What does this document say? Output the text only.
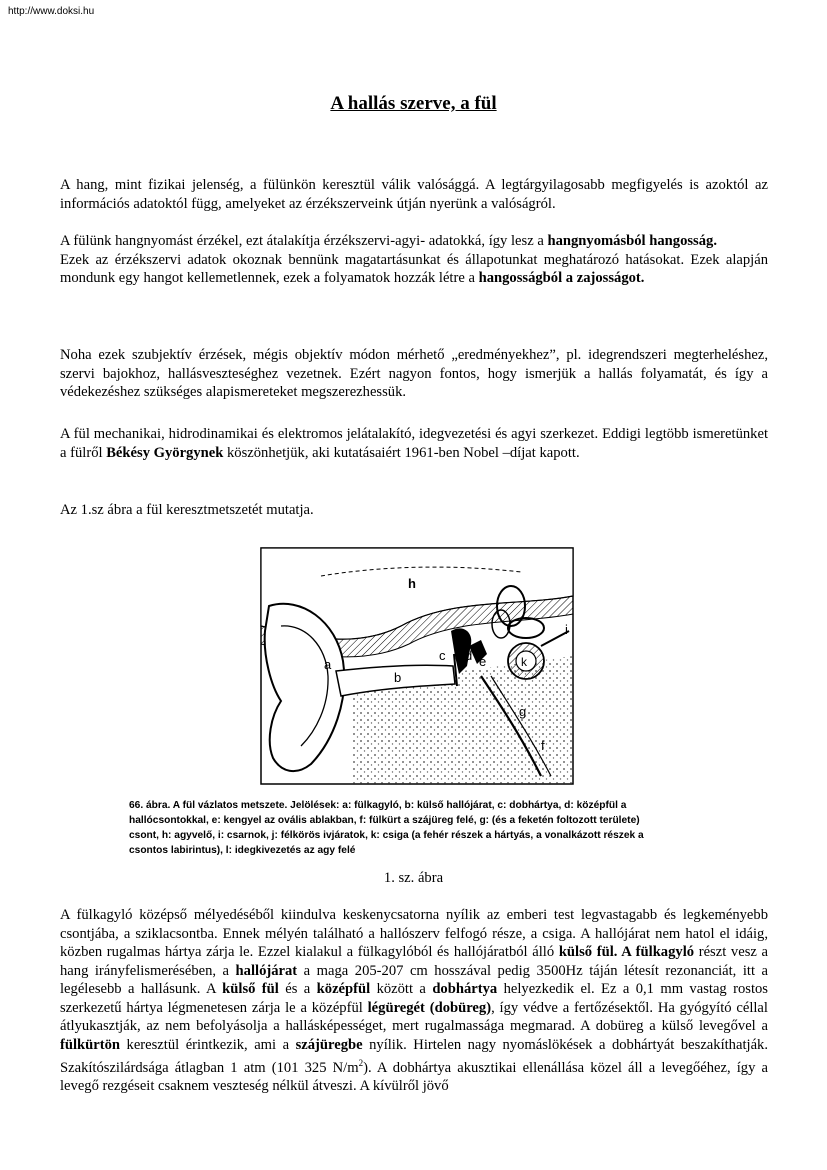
http://www.doksi.hu
A hallás szerve, a fül

A hang, mint fizikai jelenség, a fülünkön keresztül válik valósággá. A legtárgyilagosabb megfigyelés is azoktól az információs adatoktól függ, amelyeket az érzékszerveink útján nyerünk a valóságról.

A fülünk hangnyomást érzékel, ezt átalakítja érzékszervi-agyi- adatokká, így lesz a hangnyomásból hangosság.

Ezek az érzékszervi adatok okoznak bennünk magatartásunkat és állapotunkat meghatározó hatásokat. Ezek alapján mondunk egy hangot kellemetlennek, ezek a folyamatok hozzák létre a hangosságból a zajosságot.

Noha ezek szubjektív érzések, mégis objektív módon mérhető „eredményekhez”, pl. idegrendszeri megterheléshez, szervi bajokhoz, hallásveszteséghez vezetnek. Ezért nagyon fontos, hogy ismerjük a hallás folyamatát, és így a védekezéshez szükséges alapismereteket megszerezhessük.

A fül mechanikai, hidrodinamikai és elektromos jelátalakító, idegvezetési és agyi szerkezet. Eddigi legtöbb ismeretünket a fülről Békésy Györgynek köszönhetjük, aki kutatásaiért 1961-ben Nobel –díjat kapott.

Az 1.sz ábra a fül keresztmetszetét mutatja.

h
a
b
c d e
i
k
g
f
66. ábra. A fül vázlatos metszete. Jelölések: a: fülkagyló, b: külső hallójárat, c: dobhártya, d: középfül a
hallócsontokkal, e: kengyel az ovális ablakban, f: fülkürt a szájüreg felé, g: (és a feketén foltozott területe)
csont, h: agyvelő, i: csarnok, j: félkörös ivjáratok, k: csiga (a fehér részek a hártyás, a vonalkázott részek a
csontos labirintus), l: idegkivezetés az agy felé
1. sz. ábra

A fülkagyló középső mélyedéséből kiindulva keskenycsatorna nyílik az emberi test legvastagabb és legkeményebb csontjába, a sziklacsontba. Ennek mélyén található a hallószerv felfogó része, a csiga. A hallójárat nem hatol el idáig, közben rugalmas hártya zárja le. Ezzel kialakul a fülkagylóból és hallójáratból álló külső fül. A fülkagyló részt vesz a hang irányfelismerésében, a hallójárat a maga 205-207 cm hosszával pedig 3500Hz táján létesít rezonanciát, itt a legélesebb a hallásunk. A külső fül és a középfül között a dobhártya helyezkedik el. Ez a 0,1 mm vastag rostos szerkezetű hártya légmenetesen zárja le a középfül légüregét (dobüreg), így védve a fertőzésektől. Ha gyógyító céllal átlyukasztják, az nem befolyásolja a hallásképességet, mert rugalmassága megmarad. A dobüreg a külső levegővel a fülkürtön keresztül érintkezik, ami a szájüregbe nyílik. Hirtelen nagy nyomáslökések a dobhártyát beszakíthatják. Szakítószilárdsága átlagban 1 atm (101 325 $N/m^2$). A dobhártya akusztikai ellenállása közel áll a levegőéhez, így a levegő rezgéseit csaknem veszteség nélkül átveszi. A kívülről jövő
